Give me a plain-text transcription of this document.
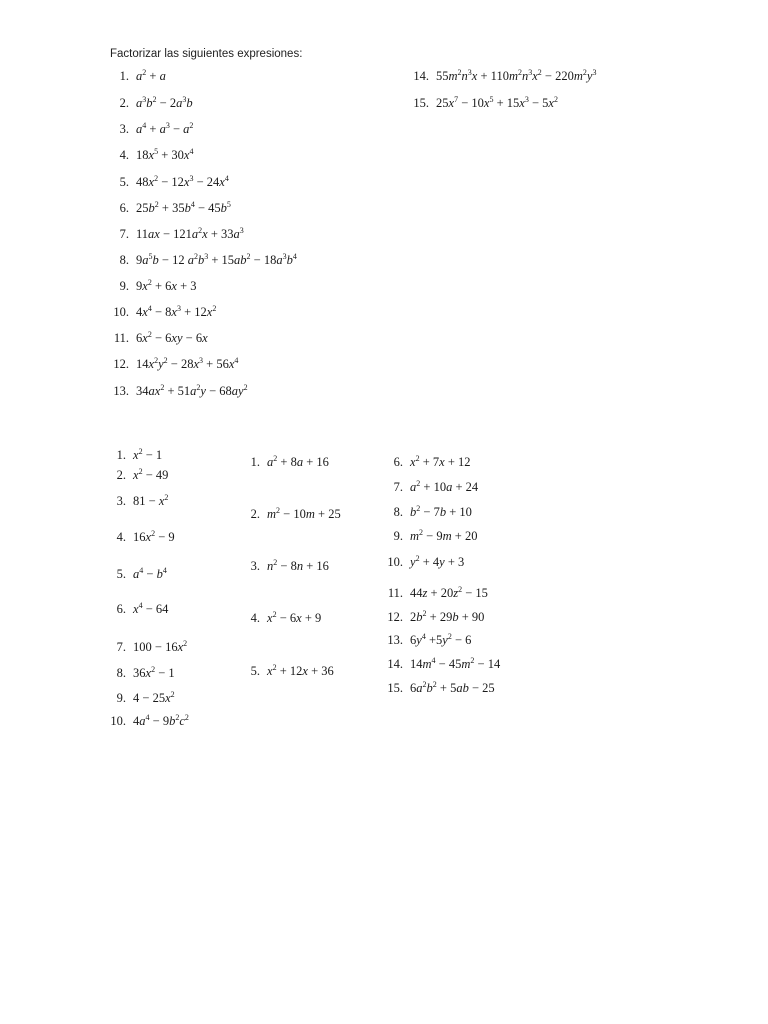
Factorizar las siguientes expresiones:
1. $a^2 + a$
2. $a^3b^2 - 2a^3b$
3. $a^4 + a^3 - a^2$
4. $18x^5 + 30x^4$
5. $48x^2 - 12x^3 - 24x^4$
6. $25b^2 + 35b^4 - 45b^5$
7. $11ax - 121a^2x + 33a^3$
8. $9a^5b - 12$ $a^2b^3 + 15ab^2 - 18a^3b^4$
9. $9x^2 + 6x + 3$
10. $4x^4 - 8x^3 + 12x^2$
11. $6x^2 - 6xy - 6x$
12. $14x^2y^2 - 28x^3 + 56x^4$
13. $34ax^2 + 51a^2y - 68ay^2$
14. $55m^2n^3x + 110m^2n^3x^2 - 220m^2y^3$
15. $25x^7 - 10x^5 + 15x^3 - 5x^2$
1. $x^2 - 1$
2. $x^2 - 49$
3. $81 - x^2$
4. $16x^2 - 9$
5. $a^4 - b^4$
6. $x^4 - 64$
7. $100 - 16x^2$
8. $36x^2 - 1$
9. $4 - 25x^2$
10. $4a^4 - 9b^2c^2$
1. $a^2 + 8a + 16$
2. $m^2 - 10m + 25$
3. $n^2 - 8n + 16$
4. $x^2 - 6x + 9$
5. $x^2 + 12x + 36$
6. $x^2 + 7x + 12$
7. $a^2 + 10a + 24$
8. $b^2 - 7b + 10$
9. $m^2 - 9m + 20$
10. $y^2 + 4y + 3$
11. $44z + 20z^2 - 15$
12. $2b^2 + 29b + 90$
13. $6y^4 +5y^2 - 6$
14. $14m^4 - 45m^2 - 14$
15. $6a^2b^2 + 5ab - 25$
